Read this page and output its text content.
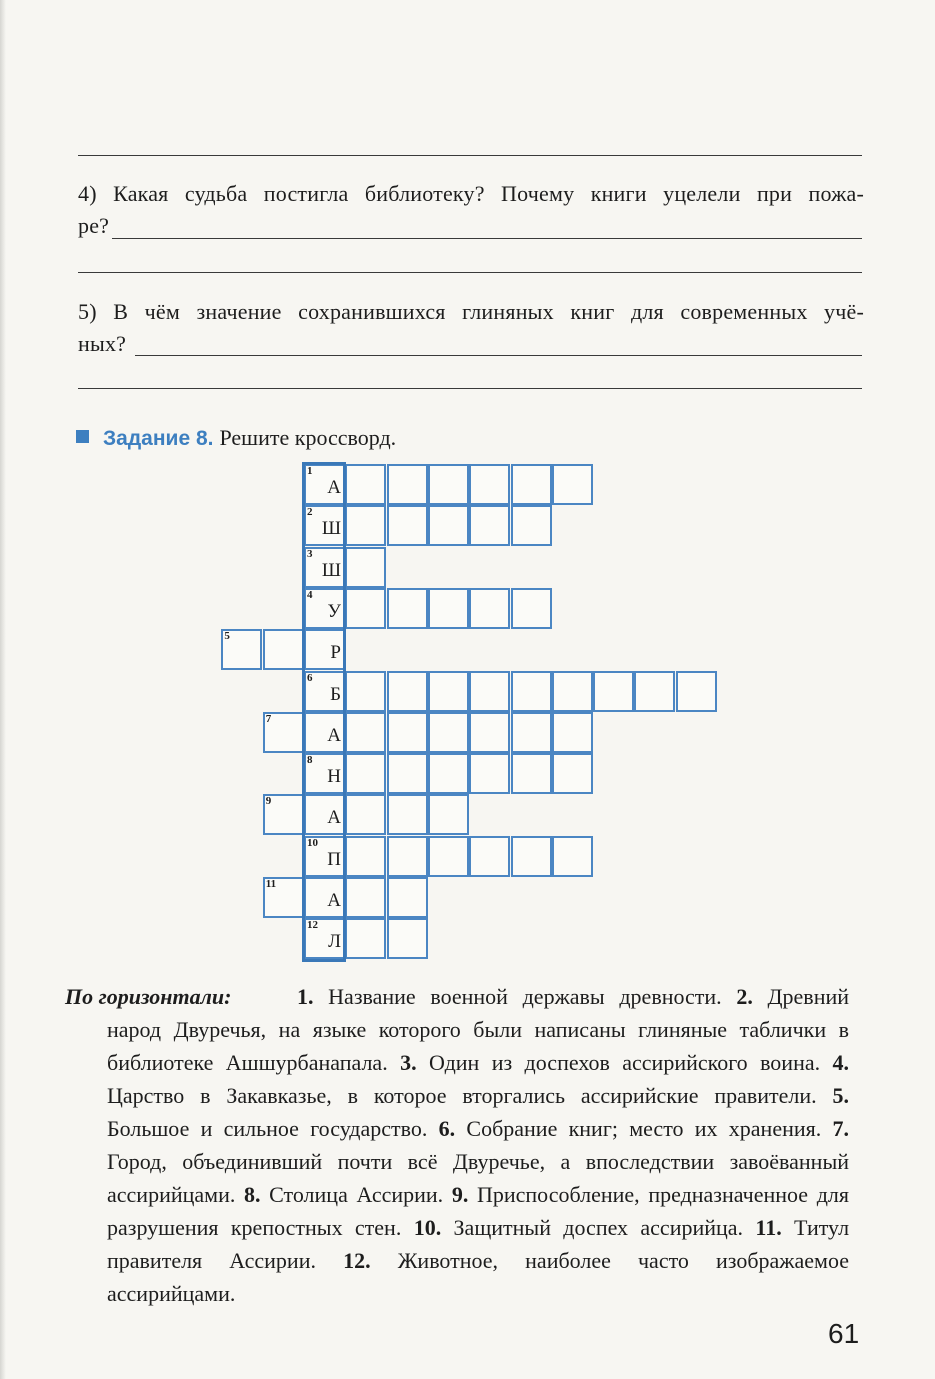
4) Какая судьба постигла библиотеку? Почему книги уцелели при пожа-
ре?
5) В чём значение сохранившихся глиняных книг для современных учё-
ных?
Задание 8. Решите кроссворд.
1
А
2
Ш
3
Ш
4
У
5
Р
6
Б
7
А
8
Н
9
А
10
П
11
А
12
Л
По горизонтали:	1. Название военной державы древности. 2. Древний народ Двуречья, на языке которого были написаны глиняные таблички в библиотеке Ашшурбанапала. 3. Один из доспехов ассирийского воина. 4. Царство в Закавказье, в которое вторгались ассирийские правители. 5. Большое и сильное государство. 6. Собрание книг; место их хранения. 7. Город, объединивший почти всё Двуречье, а впоследствии завоёванный ассирийцами. 8. Столица Ассирии. 9. Приспособление, предназначенное для разрушения крепостных стен. 10. Защитный доспех ассирийца. 11. Титул правителя Ассирии. 12. Животное, наиболее часто изображаемое ассирийцами.
61
